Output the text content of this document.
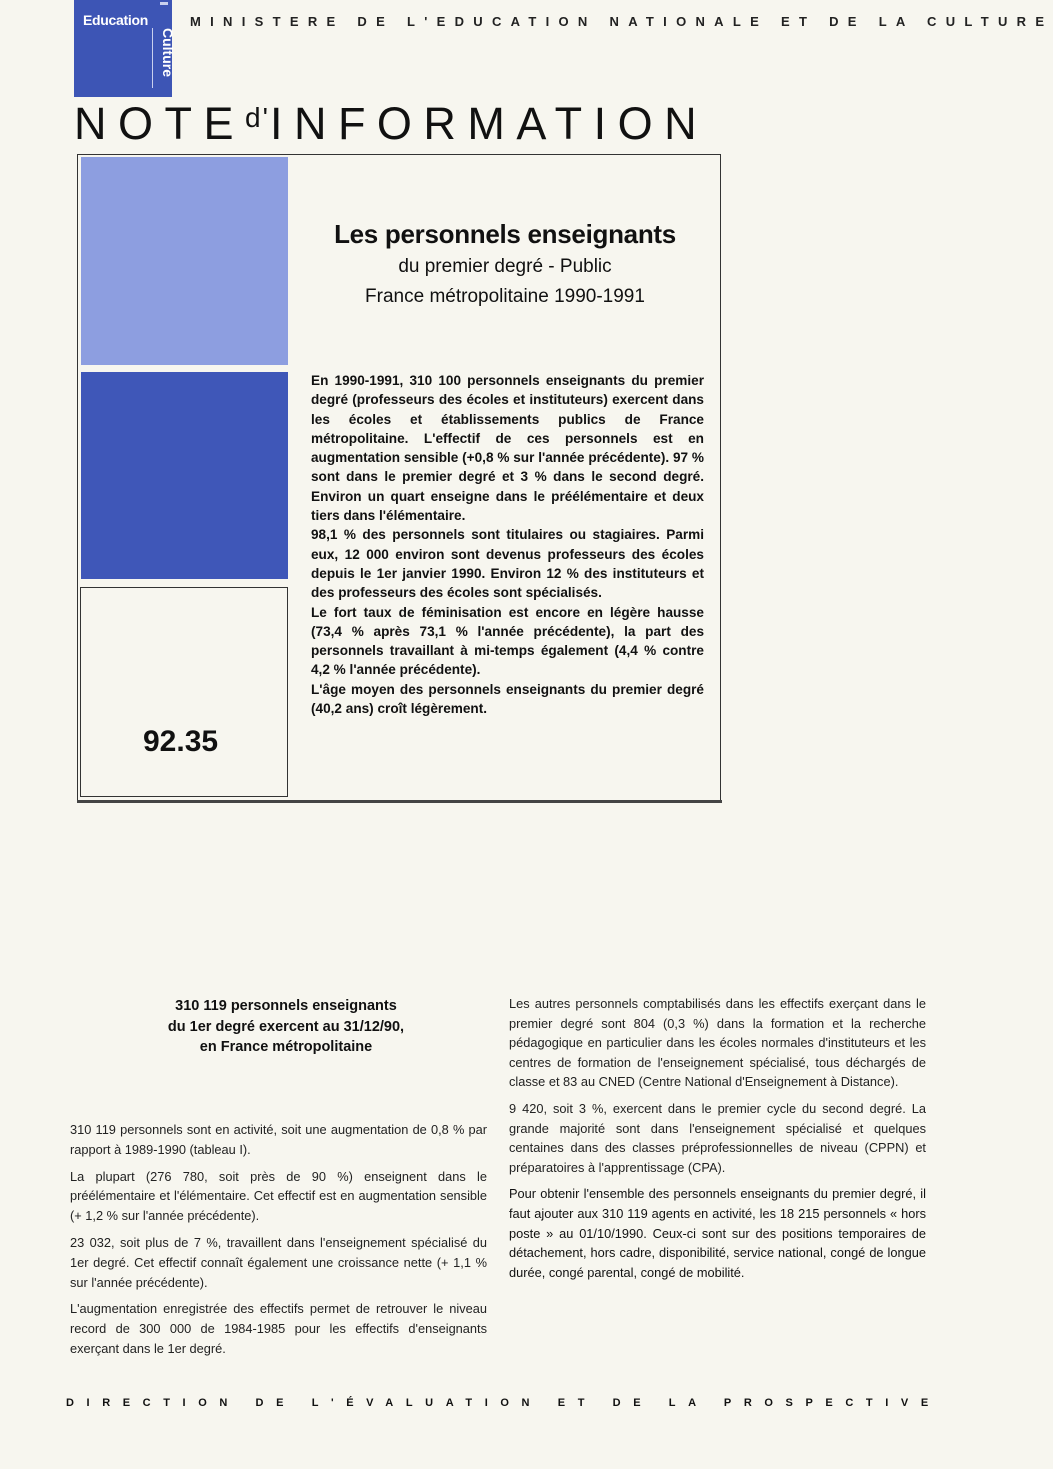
Education
Culture
MINISTERE DE L'EDUCATION NATIONALE ET DE LA CULTURE
$NOTE^{d'}INFORMATION$
92.35
Les personnels enseignants
du premier degré - Public
France métropolitaine 1990-1991

En 1990-1991, 310 100 personnels enseignants du premier degré (professeurs des écoles et instituteurs) exercent dans les écoles et établissements publics de France métropolitaine. L'effectif de ces personnels est en augmentation sensible (+0,8 % sur l'année précédente). 97 % sont dans le premier degré et 3 % dans le second degré. Environ un quart enseigne dans le préélémentaire et deux tiers dans l'élémentaire.

98,1 % des personnels sont titulaires ou stagiaires. Parmi eux, 12 000 environ sont devenus professeurs des écoles depuis le 1er janvier 1990. Environ 12 % des instituteurs et des professeurs des écoles sont spécialisés.

Le fort taux de féminisation est encore en légère hausse (73,4 % après 73,1 % l'année précédente), la part des personnels travaillant à mi-temps également (4,4 % contre 4,2 % l'année précédente).

L'âge moyen des personnels enseignants du premier degré (40,2 ans) croît légèrement.

310 119 personnels enseignants
du 1er degré exercent au 31/12/90,
en France métropolitaine

310 119 personnels sont en activité, soit une augmentation de 0,8 % par rapport à 1989-1990 (tableau I).

La plupart (276 780, soit près de 90 %) enseignent dans le préélémentaire et l'élémentaire. Cet effectif est en augmentation sensible (+ 1,2 % sur l'année précédente).

23 032, soit plus de 7 %, travaillent dans l'enseignement spécialisé du 1er degré. Cet effectif connaît également une croissance nette (+ 1,1 % sur l'année précédente).

L'augmentation enregistrée des effectifs permet de retrouver le niveau record de 300 000 de 1984-1985 pour les effectifs d'enseignants exerçant dans le 1er degré.

Les autres personnels comptabilisés dans les effectifs exerçant dans le premier degré sont 804 (0,3 %) dans la formation et la recherche pédagogique en particulier dans les écoles normales d'instituteurs et les centres de formation de l'enseignement spécialisé, tous déchargés de classe et 83 au CNED (Centre National d'Enseignement à Distance).

9 420, soit 3 %, exercent dans le premier cycle du second degré. La grande majorité sont dans l'enseignement spécialisé et quelques centaines dans des classes préprofessionnelles de niveau (CPPN) et préparatoires à l'apprentissage (CPA).

Pour obtenir l'ensemble des personnels enseignants du premier degré, il faut ajouter aux 310 119 agents en activité, les 18 215 personnels « hors poste » au 01/10/1990. Ceux-ci sont sur des positions temporaires de détachement, hors cadre, disponibilité, service national, congé de longue durée, congé parental, congé de mobilité.

DIRECTION DE L'ÉVALUATION ET DE LA PROSPECTIVE
